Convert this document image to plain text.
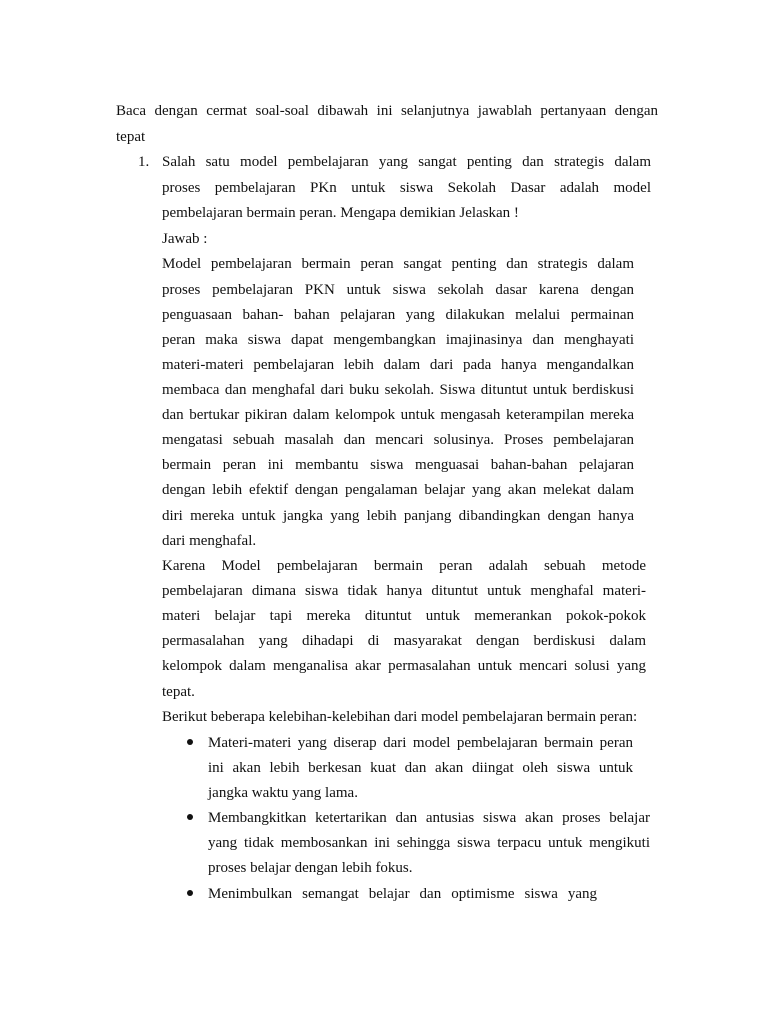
Baca dengan cermat soal-soal dibawah ini selanjutnya jawablah pertanyaan dengan
tepat
1. Salah satu model pembelajaran yang sangat penting dan strategis dalam
proses pembelajaran PKn untuk siswa Sekolah Dasar adalah model
pembelajaran bermain peran. Mengapa demikian Jelaskan !
Jawab :
Model pembelajaran bermain peran sangat penting dan strategis dalam
proses pembelajaran PKN untuk siswa sekolah dasar karena dengan
penguasaan bahan- bahan pelajaran yang dilakukan melalui permainan
peran maka siswa dapat mengembangkan imajinasinya dan menghayati
materi-materi pembelajaran lebih dalam dari pada hanya mengandalkan
membaca dan menghafal dari buku sekolah. Siswa dituntut untuk berdiskusi
dan bertukar pikiran dalam kelompok untuk mengasah keterampilan mereka
mengatasi sebuah masalah dan mencari solusinya. Proses pembelajaran
bermain peran ini membantu siswa menguasai bahan-bahan pelajaran
dengan lebih efektif dengan pengalaman belajar yang akan melekat dalam
diri mereka untuk jangka yang lebih panjang dibandingkan dengan hanya
dari menghafal.
Karena Model pembelajaran bermain peran adalah sebuah metode
pembelajaran dimana siswa tidak hanya dituntut untuk menghafal materi-
materi belajar tapi mereka dituntut untuk memerankan pokok-pokok
permasalahan yang dihadapi di masyarakat dengan berdiskusi dalam
kelompok dalam menganalisa akar permasalahan untuk mencari solusi yang
tepat.
Berikut beberapa kelebihan-kelebihan dari model pembelajaran bermain peran:
Materi-materi yang diserap dari model pembelajaran bermain peran
ini akan lebih berkesan kuat dan akan diingat oleh siswa untuk
jangka waktu yang lama.
Membangkitkan ketertarikan dan antusias siswa akan proses belajar
yang tidak membosankan ini sehingga siswa terpacu untuk mengikuti
proses belajar dengan lebih fokus.
Menimbulkan semangat belajar dan optimisme siswa yang
